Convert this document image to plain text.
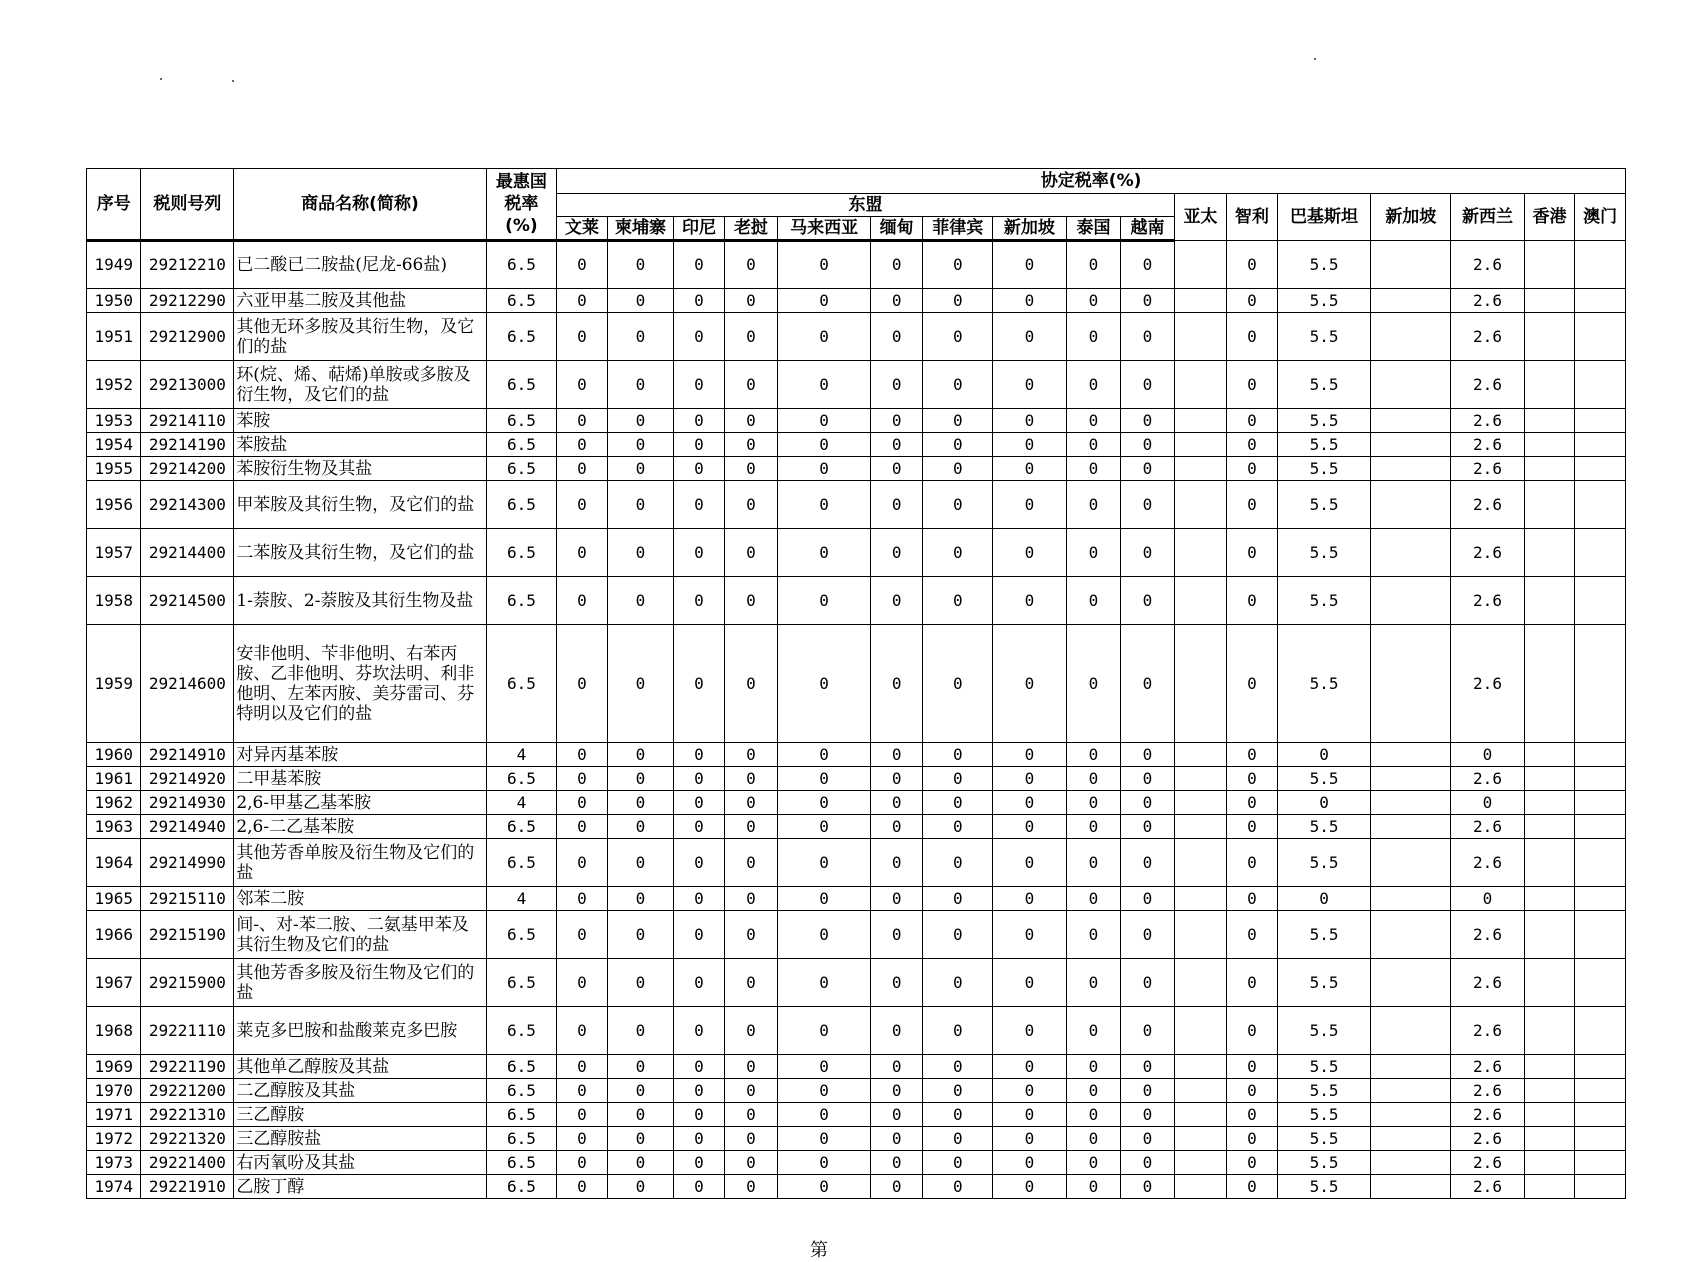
序号	税则号列	商品名称(简称)	最惠国税率(%)	协定税率(%)																
				东盟										亚太	智利	巴基斯坦	新加坡	新西兰	香港	澳门
				文莱	柬埔寨	印尼	老挝	马来西亚	缅甸	菲律宾	新加坡	泰国	越南							
1949	29212210	已二酸已二胺盐(尼龙-66盐)	6.5	0	0	0	0	0	0	0	0	0	0		0	5.5		2.6		
1950	29212290	六亚甲基二胺及其他盐	6.5	0	0	0	0	0	0	0	0	0	0		0	5.5		2.6		
1951	29212900	其他无环多胺及其衍生物，及它们的盐	6.5	0	0	0	0	0	0	0	0	0	0		0	5.5		2.6		
1952	29213000	环(烷、烯、萜烯)单胺或多胺及衍生物，及它们的盐	6.5	0	0	0	0	0	0	0	0	0	0		0	5.5		2.6		
1953	29214110	苯胺	6.5	0	0	0	0	0	0	0	0	0	0		0	5.5		2.6		
1954	29214190	苯胺盐	6.5	0	0	0	0	0	0	0	0	0	0		0	5.5		2.6		
1955	29214200	苯胺衍生物及其盐	6.5	0	0	0	0	0	0	0	0	0	0		0	5.5		2.6		
1956	29214300	甲苯胺及其衍生物，及它们的盐	6.5	0	0	0	0	0	0	0	0	0	0		0	5.5		2.6		
1957	29214400	二苯胺及其衍生物，及它们的盐	6.5	0	0	0	0	0	0	0	0	0	0		0	5.5		2.6		
1958	29214500	1-萘胺、2-萘胺及其衍生物及盐	6.5	0	0	0	0	0	0	0	0	0	0		0	5.5		2.6		
1959	29214600	安非他明、苄非他明、右苯丙胺、乙非他明、芬坎法明、利非他明、左苯丙胺、美芬雷司、芬特明以及它们的盐	6.5	0	0	0	0	0	0	0	0	0	0		0	5.5		2.6		
1960	29214910	对异丙基苯胺	4	0	0	0	0	0	0	0	0	0	0		0	0		0		
1961	29214920	二甲基苯胺	6.5	0	0	0	0	0	0	0	0	0	0		0	5.5		2.6		
1962	29214930	2,6-甲基乙基苯胺	4	0	0	0	0	0	0	0	0	0	0		0	0		0		
1963	29214940	2,6-二乙基苯胺	6.5	0	0	0	0	0	0	0	0	0	0		0	5.5		2.6		
1964	29214990	其他芳香单胺及衍生物及它们的盐	6.5	0	0	0	0	0	0	0	0	0	0		0	5.5		2.6		
1965	29215110	邻苯二胺	4	0	0	0	0	0	0	0	0	0	0		0	0		0		
1966	29215190	间-、对-苯二胺、二氨基甲苯及其衍生物及它们的盐	6.5	0	0	0	0	0	0	0	0	0	0		0	5.5		2.6		
1967	29215900	其他芳香多胺及衍生物及它们的盐	6.5	0	0	0	0	0	0	0	0	0	0		0	5.5		2.6		
1968	29221110	莱克多巴胺和盐酸莱克多巴胺	6.5	0	0	0	0	0	0	0	0	0	0		0	5.5		2.6		
1969	29221190	其他单乙醇胺及其盐	6.5	0	0	0	0	0	0	0	0	0	0		0	5.5		2.6		
1970	29221200	二乙醇胺及其盐	6.5	0	0	0	0	0	0	0	0	0	0		0	5.5		2.6		
1971	29221310	三乙醇胺	6.5	0	0	0	0	0	0	0	0	0	0		0	5.5		2.6		
1972	29221320	三乙醇胺盐	6.5	0	0	0	0	0	0	0	0	0	0		0	5.5		2.6		
1973	29221400	右丙氧吩及其盐	6.5	0	0	0	0	0	0	0	0	0	0		0	5.5		2.6		
1974	29221910	乙胺丁醇	6.5	0	0	0	0	0	0	0	0	0	0		0	5.5		2.6		
第
